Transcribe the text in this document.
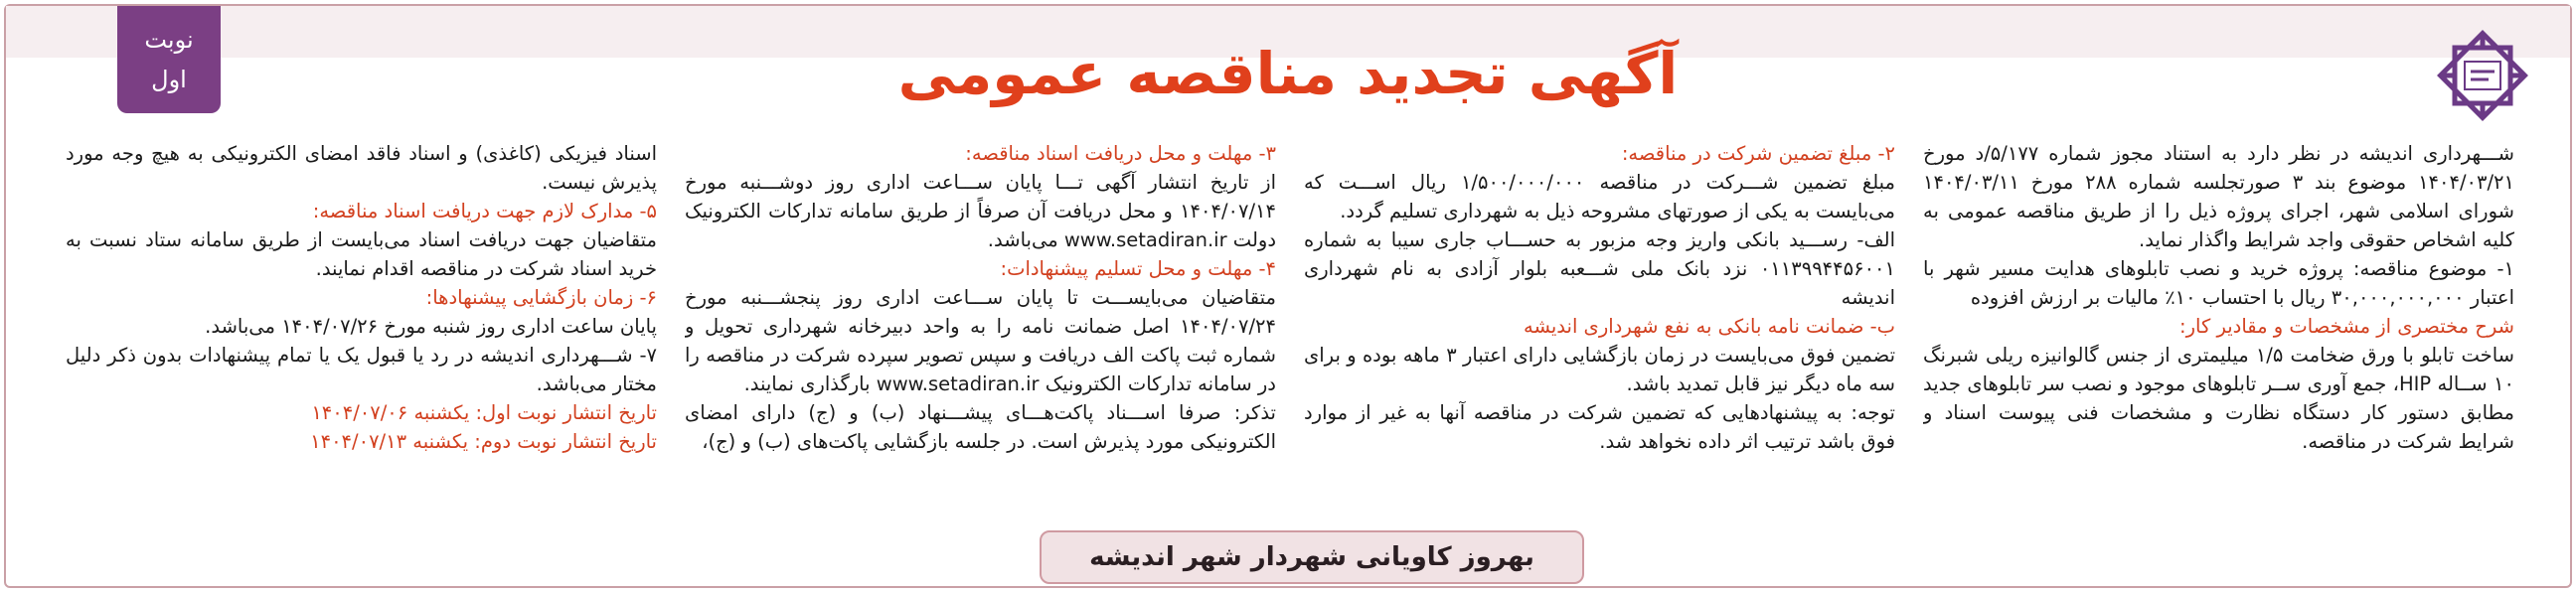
نوبت
اول	آگهی تجدید مناقصه عمومی

شـــهرداری اندیشه در نظر دارد به استناد مجوز شماره ۵/۱۷۷/د مورخ ۱۴۰۴/۰۳/۲۱ موضوع بند ۳ صورتجلسه شماره ۲۸۸ مورخ ۱۴۰۴/۰۳/۱۱ شورای اسلامی شهر، اجرای پروژه ذیل را از طریق مناقصه عمومی به کلیه اشخاص حقوقی واجد شرایط واگذار نماید.

۱- موضوع مناقصه: پروژه خرید و نصب تابلوهای هدایت مسیر شهر با اعتبار ۳۰,۰۰۰,۰۰۰,۰۰۰ ریال با احتساب ۱۰٪ مالیات بر ارزش افزوده

شرح مختصری از مشخصات و مقادیر کار:

ساخت تابلو با ورق ضخامت ۱/۵ میلیمتری از جنس گالوانیزه ریلی شبرنگ ۱۰ ســاله HIP، جمع آوری ســر تابلوهای موجود و نصب سر تابلوهای جدید مطابق دستور کار دستگاه نظارت و مشخصات فنی پیوست اسناد و شرایط شرکت در مناقصه.

۲- مبلغ تضمین شرکت در مناقصه:

مبلغ تضمین شـــرکت در مناقصه ۱/۵۰۰/۰۰۰/۰۰۰ ریال اســـت که می‌بایست به یکی از صورتهای مشروحه ذیل به شهرداری تسلیم گردد.

الف- رســـید بانکی واریز وجه مزبور به حســـاب جاری سیبا به شماره ۰۱۱۳۹۹۴۴۵۶۰۰۱ نزد بانک ملی شـــعبه بلوار آزادی به نام شهرداری اندیشه

ب- ضمانت نامه بانکی به نفع شهرداری اندیشه

تضمین فوق می‌بایست در زمان بازگشایی دارای اعتبار ۳ ماهه بوده و برای سه ماه دیگر نیز قابل تمدید باشد.

توجه: به پیشنهادهایی که تضمین شرکت در مناقصه آنها به غیر از موارد فوق باشد ترتیب اثر داده نخواهد شد.

۳- مهلت و محل دریافت اسناد مناقصه:

از تاریخ انتشار آگهی تـــا پایان ســـاعت اداری روز دوشـــنبه مورخ ۱۴۰۴/۰۷/۱۴ و محل دریافت آن صرفاً از طریق سامانه تدارکات الکترونیک دولت www.setadiran.ir می‌باشد.

۴- مهلت و محل تسلیم پیشنهادات:

متقاضیان می‌بایســـت تا پایان ســـاعت اداری روز پنجشـــنبه مورخ ۱۴۰۴/۰۷/۲۴ اصل ضمانت نامه را به واحد دبیرخانه شهرداری تحویل و شماره ثبت پاکت الف دریافت و سپس تصویر سپرده شرکت در مناقصه را در سامانه تدارکات الکترونیک www.setadiran.ir بارگذاری نمایند.

تذکر: صرفا اســـناد پاکت‌هـــای پیشـــنهاد (ب) و (ج) دارای امضای الکترونیکی مورد پذیرش است. در جلسه بازگشایی پاکت‌های (ب) و (ج)،

اسناد فیزیکی (کاغذی) و اسناد فاقد امضای الکترونیکی به هیچ وجه مورد پذیرش نیست.

۵- مدارک لازم جهت دریافت اسناد مناقصه:

متقاضیان جهت دریافت اسناد می‌بایست از طریق سامانه ستاد نسبت به خرید اسناد شرکت در مناقصه اقدام نمایند.

۶- زمان بازگشایی پیشنهادها:

پایان ساعت اداری روز شنبه مورخ ۱۴۰۴/۰۷/۲۶ می‌باشد.

۷- شـــهرداری اندیشه در رد یا قبول یک یا تمام پیشنهادات بدون ذکر دلیل مختار می‌باشد.

تاریخ انتشار نوبت اول: یکشنبه ۱۴۰۴/۰۷/۰۶

تاریخ انتشار نوبت دوم: یکشنبه ۱۴۰۴/۰۷/۱۳

بهروز کاویانی شهردار شهر اندیشه
